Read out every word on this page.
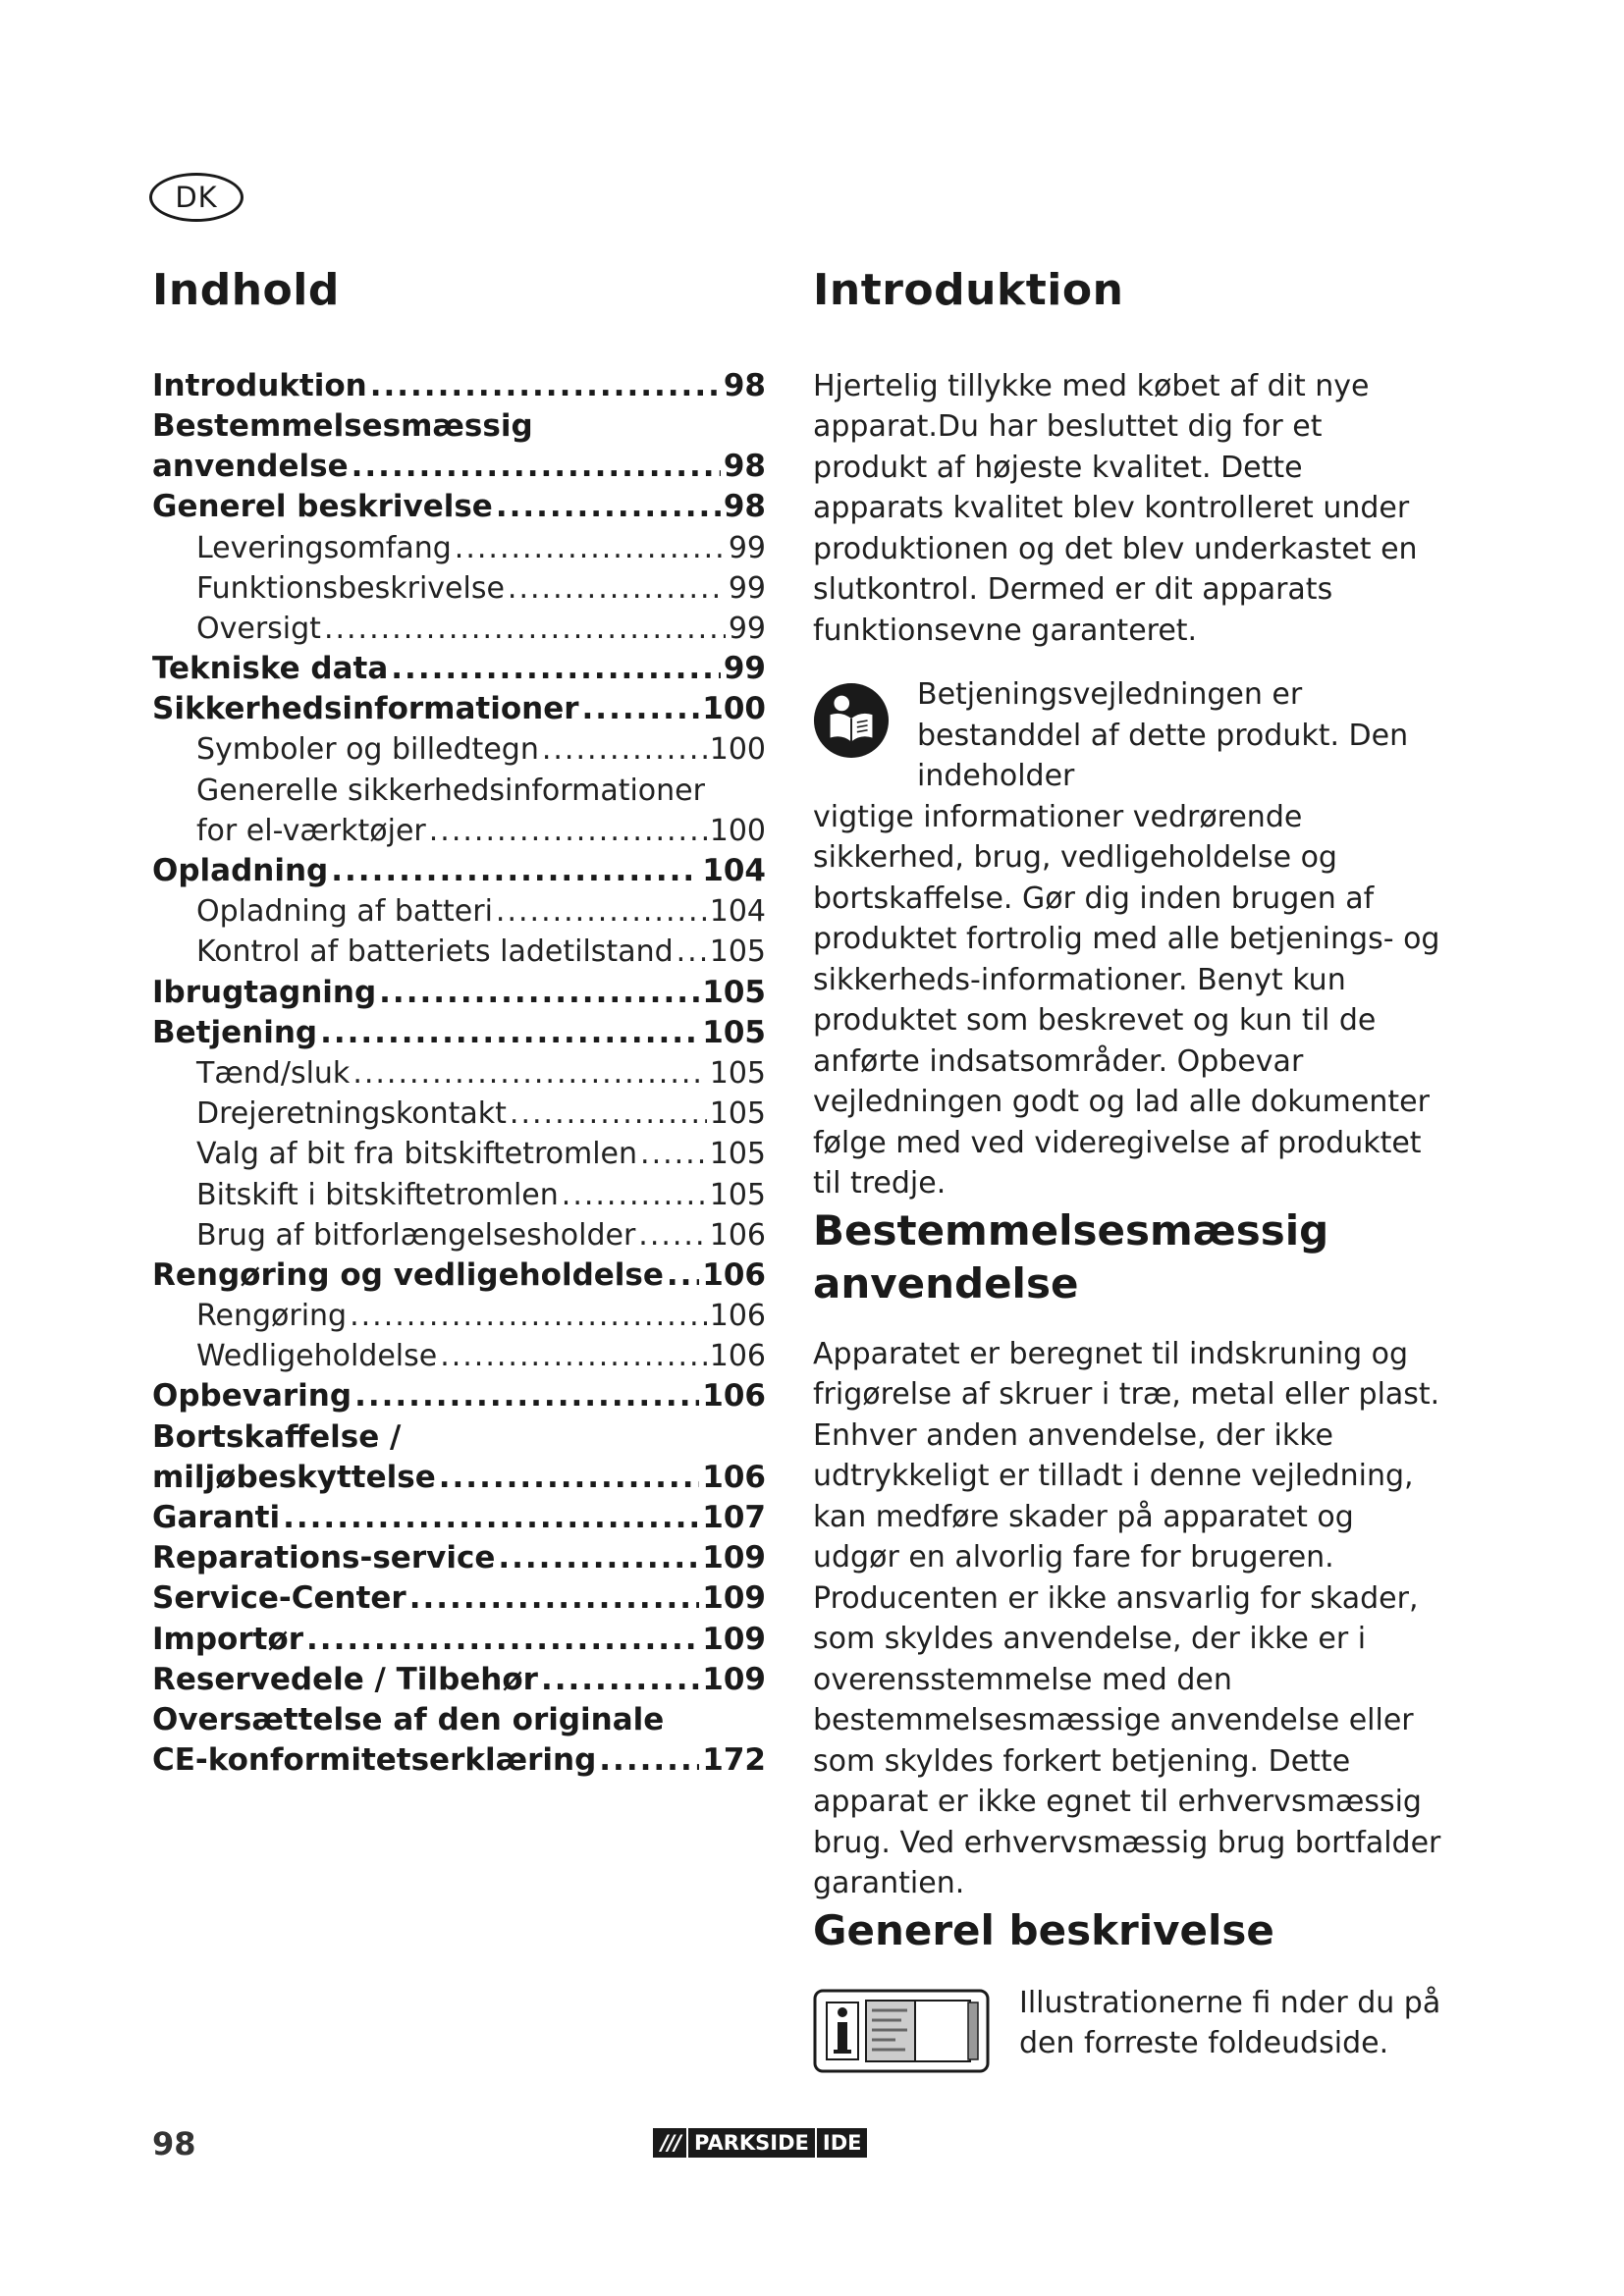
DK
Indhold
Introduktion .....	98
Bestemmelsesmæssig
anvendelse .....	98
Generel beskrivelse .....	98
Leveringsomfang .....	99
Funktionsbeskrivelse .....	99
Oversigt .....	99
Tekniske data .....	99
Sikkerhedsinformationer .....	100
Symboler og billedtegn .....	100
Generelle sikkerhedsinformationer
for el-værktøjer .....	100
Opladning .....	104
Opladning af batteri .....	104
Kontrol af batteriets ladetilstand ..... 105
Ibrugtagning .....	105
Betjening .....	105
Tænd/sluk .....	105
Drejeretningskontakt .....	105
Valg af bit fra bitskiftetromlen ..... 105
Bitskift i bitskiftetromlen .....	105
Brug af bitforlængelsesholder .....	106
Rengøring og vedligeholdelse ..... 106
Rengøring .....	106
Wedligeholdelse .....	106
Opbevaring .....	106
Bortskaffelse /
miljøbeskyttelse .....	106
Garanti .....	107
Reparations-service .....	109
Service-Center .....	109
Importør .....	109
Reservedele / Tilbehør .....	109
Oversættelse af den originale
CE-konformitetserklæring .....	172
Introduktion

Hjertelig tillykke med købet af dit nye apparat.Du har besluttet dig for et produkt af højeste kvalitet. Dette apparats kvalitet blev kontrolleret under produktionen og det blev underkastet en slutkontrol. Dermed er dit apparats funktionsevne garanteret.

Betjeningsvejledningen er bestanddel af dette produkt. Den indeholder
vigtige informationer vedrørende sikkerhed, brug, vedligeholdelse og bortskaffelse. Gør dig inden brugen af produktet fortrolig med alle betjenings- og sikkerheds-informationer. Benyt kun produktet som beskrevet og kun til de anførte indsatsområder. Opbevar vejledningen godt og lad alle dokumenter følge med ved videregivelse af produktet til tredje.

Bestemmelsesmæssig
anvendelse

Apparatet er beregnet til indskruning og frigørelse af skruer i træ, metal eller plast. Enhver anden anvendelse, der ikke udtrykkeligt er tilladt i denne vejledning, kan medføre skader på apparatet og udgør en alvorlig fare for brugeren. Producenten er ikke ansvarlig for skader, som skyldes anvendelse, der ikke er i overensstemmelse med den bestemmelsesmæssige anvendelse eller som skyldes forkert betjening. Dette apparat er ikke egnet til erhvervsmæssig brug. Ved erhvervsmæssig brug bortfalder garantien.

Generel beskrivelse

Illustrationerne fi nder du på den forreste foldeudside.

98	/// PARKSIDE IDE
